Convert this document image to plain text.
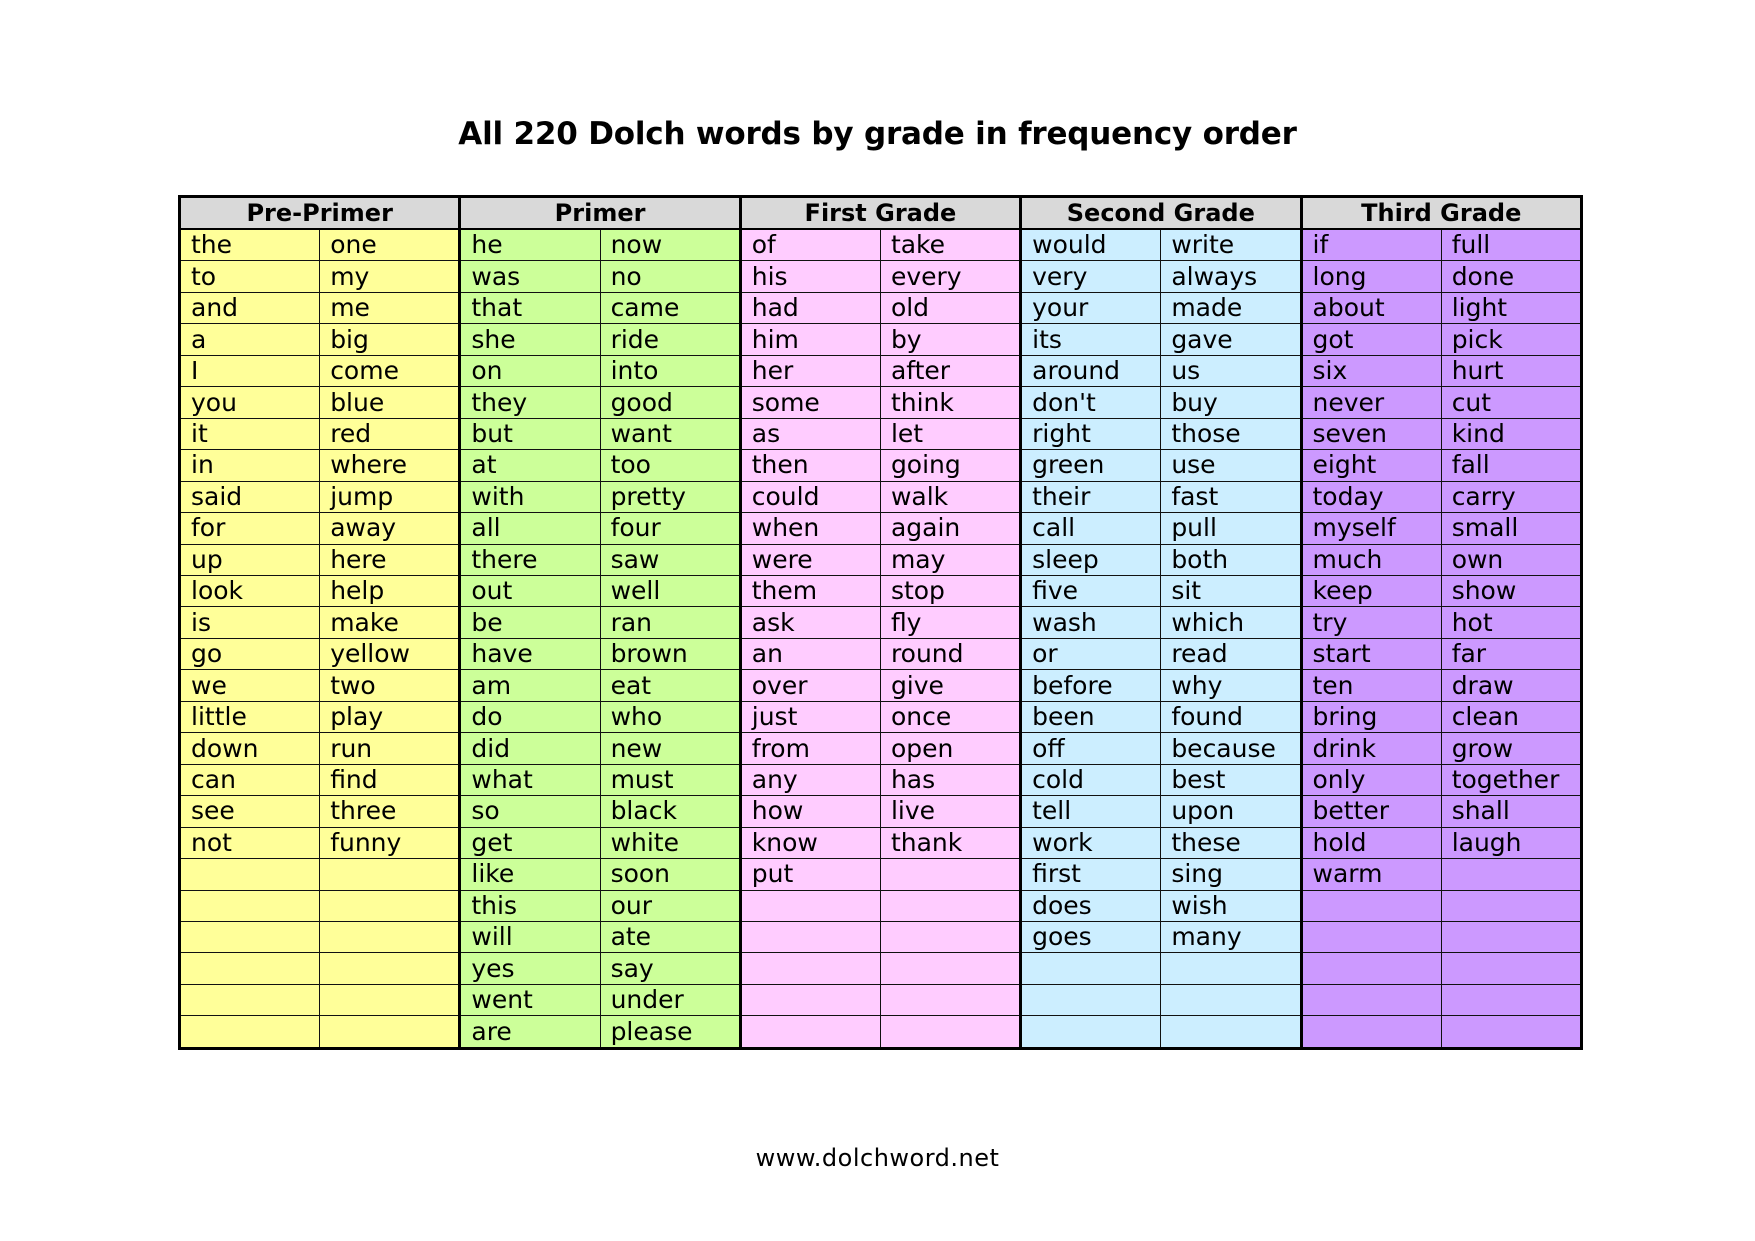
All 220 Dolch words by grade in frequency order
Pre-Primer		Primer		First Grade		Second Grade		Third Grade	
the	one	he	now	of	take	would	write	if	full
to	my	was	no	his	every	very	always	long	done
and	me	that	came	had	old	your	made	about	light
a	big	she	ride	him	by	its	gave	got	pick
I	come	on	into	her	after	around	us	six	hurt
you	blue	they	good	some	think	don't	buy	never	cut
it	red	but	want	as	let	right	those	seven	kind
in	where	at	too	then	going	green	use	eight	fall
said	jump	with	pretty	could	walk	their	fast	today	carry
for	away	all	four	when	again	call	pull	myself	small
up	here	there	saw	were	may	sleep	both	much	own
look	help	out	well	them	stop	five	sit	keep	show
is	make	be	ran	ask	fly	wash	which	try	hot
go	yellow	have	brown	an	round	or	read	start	far
we	two	am	eat	over	give	before	why	ten	draw
little	play	do	who	just	once	been	found	bring	clean
down	run	did	new	from	open	off	because	drink	grow
can	find	what	must	any	has	cold	best	only	together
see	three	so	black	how	live	tell	upon	better	shall
not	funny	get	white	know	thank	work	these	hold	laugh
		like	soon	put		first	sing	warm	
		this	our			does	wish		
		will	ate			goes	many		
		yes	say						
		went	under						
		are	please						
www.dolchword.net
